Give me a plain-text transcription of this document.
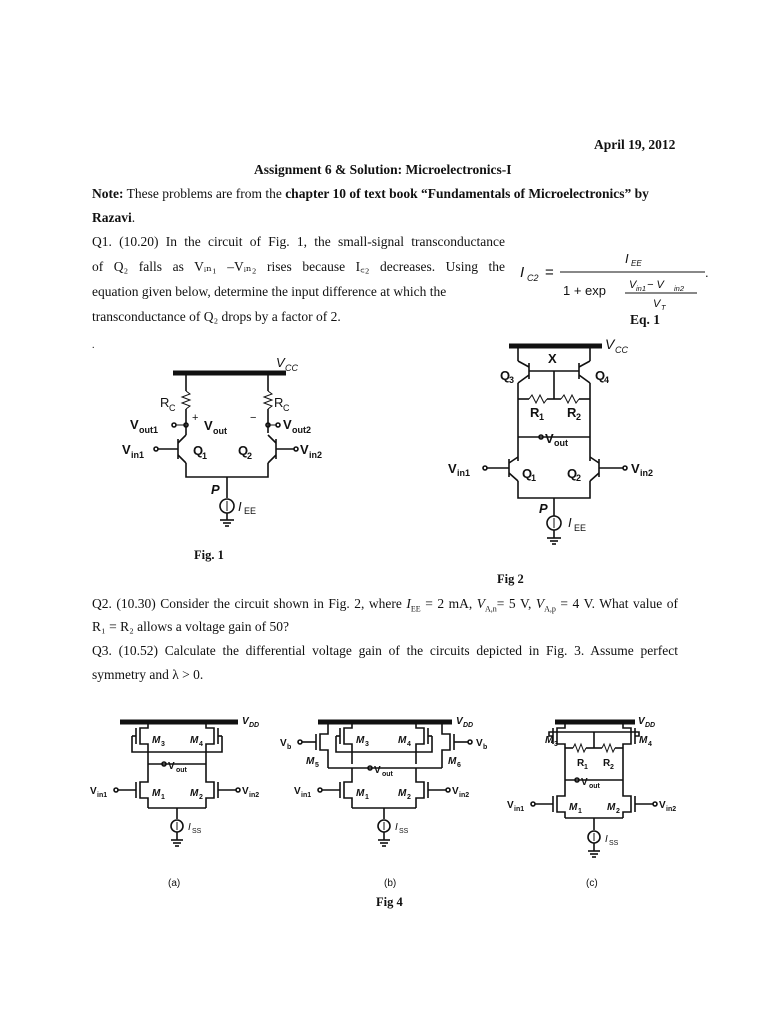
April 19, 2012
Assignment 6 & Solution: Microelectronics-I
Note: These problems are from the chapter 10 of text book “Fundamentals of Microelectronics” by
Razavi.
Q1. (10.20) In the circuit of Fig. 1, the small-signal transconductance
of Q₂ falls as Vᵢₙ₁ –Vᵢₙ₂ rises because I꜀₂ decreases. Using the
equation given below, determine the input difference at which the
transconductance of Q₂ drops by a factor of 2.
I C2 =
I EE
1 + exp V in1 − V in2
V T
.
Eq. 1
.
V CC
R C	R C
+	−
V out1	V out	V out2
V in1	Q
1	V in2
Q
2
P
I EE
Fig. 1
V CC
X
Q
3	Q
4
R 1 R 2
V out
V in1	Q
1
V in2
Q
2
P
I EE
Fig 2
Q2. (10.30) Consider the circuit shown in Fig. 2, where $I_{EE} = 2$ mA, $V_{A,n}= 5$ V, $V_{A,p} = 4$ V. What value of
R₁ = R₂ allows a voltage gain of 50?
Q3. (10.52) Calculate the differential voltage gain of the circuits depicted in Fig. 3. Assume perfect
symmetry and λ > 0.
V DD
M 3	M 4
V out
V in1	M 1
V in2
M 2
I SS
(a)
V DD
V b
M 5
V b
M 6
M 3	M 4
V out
V in1	M 1
V in2
M 2
I SS
(b)
V DD
M 3	M 4
R 1 R 2
V out
V in1	M 1
V in2
M 2
I SS
(c)
Fig 4
